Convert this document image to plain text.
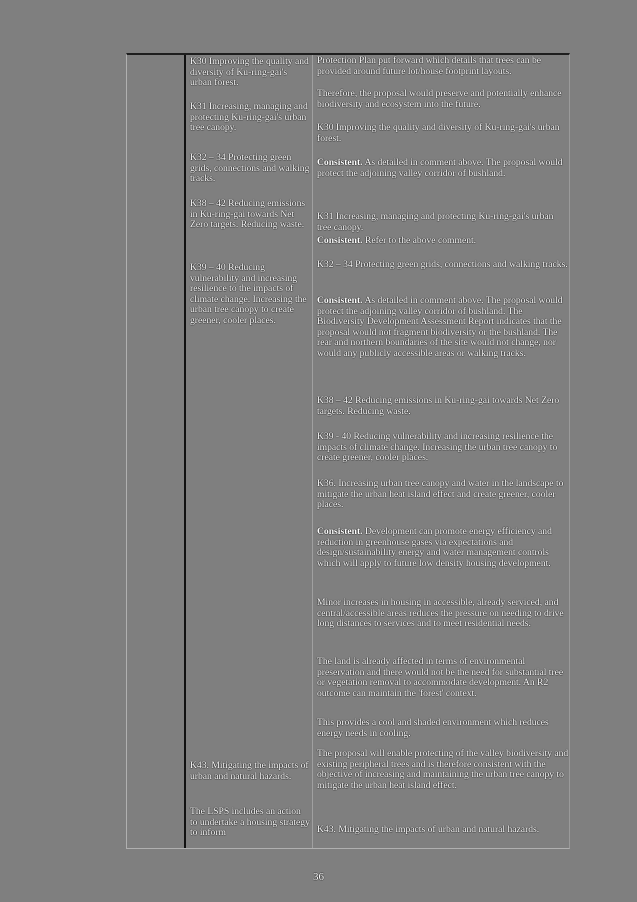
K30 Improving the quality and diversity of Ku-ring-gai's urban forest.

K31 Increasing, managing and protecting Ku-ring-gai's urban tree canopy.

K32 – 34 Protecting green grids, connections and walking tracks.

K38 – 42 Reducing emissions in Ku-ring-gai towards Net Zero targets. Reducing waste.

K39 – 40 Reducing vulnerability and increasing resilience to the impacts of climate change. Increasing the urban tree canopy to create greener, cooler places.

K43. Mitigating the impacts of urban and natural hazards.

The LSPS includes an action to undertake a housing strategy to inform

Protection Plan put forward which details that trees can be provided around future lot/house footprint layouts.

Therefore, the proposal would preserve and potentially enhance biodiversity and ecosystem into the future.

K30 Improving the quality and diversity of Ku-ring-gai's urban forest.

Consistent. As detailed in comment above. The proposal would protect the adjoining valley corridor of bushland.

K31 Increasing, managing and protecting Ku-ring-gai's urban tree canopy.

Consistent. Refer to the above comment.

K32 – 34 Protecting green grids, connections and walking tracks.

Consistent. As detailed in comment above. The proposal would protect the adjoining valley corridor of bushland. The Biodiversity Development Assessment Report indicates that the proposal would not fragment biodiversity or the bushland. The rear and northern boundaries of the site would not change, nor would any publicly accessible areas or walking tracks.

K38 – 42 Reducing emissions in Ku-ring-gai towards Net Zero targets. Reducing waste.

K39 - 40 Reducing vulnerability and increasing resilience the impacts of climate change. Increasing the urban tree canopy to create greener, cooler places.

K36. Increasing urban tree canopy and water in the landscape to mitigate the urban heat island effect and create greener, cooler places.

Consistent. Development can promote energy efficiency and reduction in greenhouse gases via expectations and design/sustainability energy and water management controls which will apply to future low density housing development.

Minor increases in housing in accessible, already serviced, and central/accessible areas reduces the pressure on needing to drive long distances to services and to meet residential needs.

The land is already affected in terms of environmental preservation and there would not be the need for substantial tree or vegetation removal to accommodate development. An R2 outcome can maintain the 'forest' context.

This provides a cool and shaded environment which reduces energy needs in cooling.

The proposal will enable protecting of the valley biodiversity and existing peripheral trees and is therefore consistent with the objective of increasing and maintaining the urban tree canopy to mitigate the urban heat island effect.

K43. Mitigating the impacts of urban and natural hazards.

36
